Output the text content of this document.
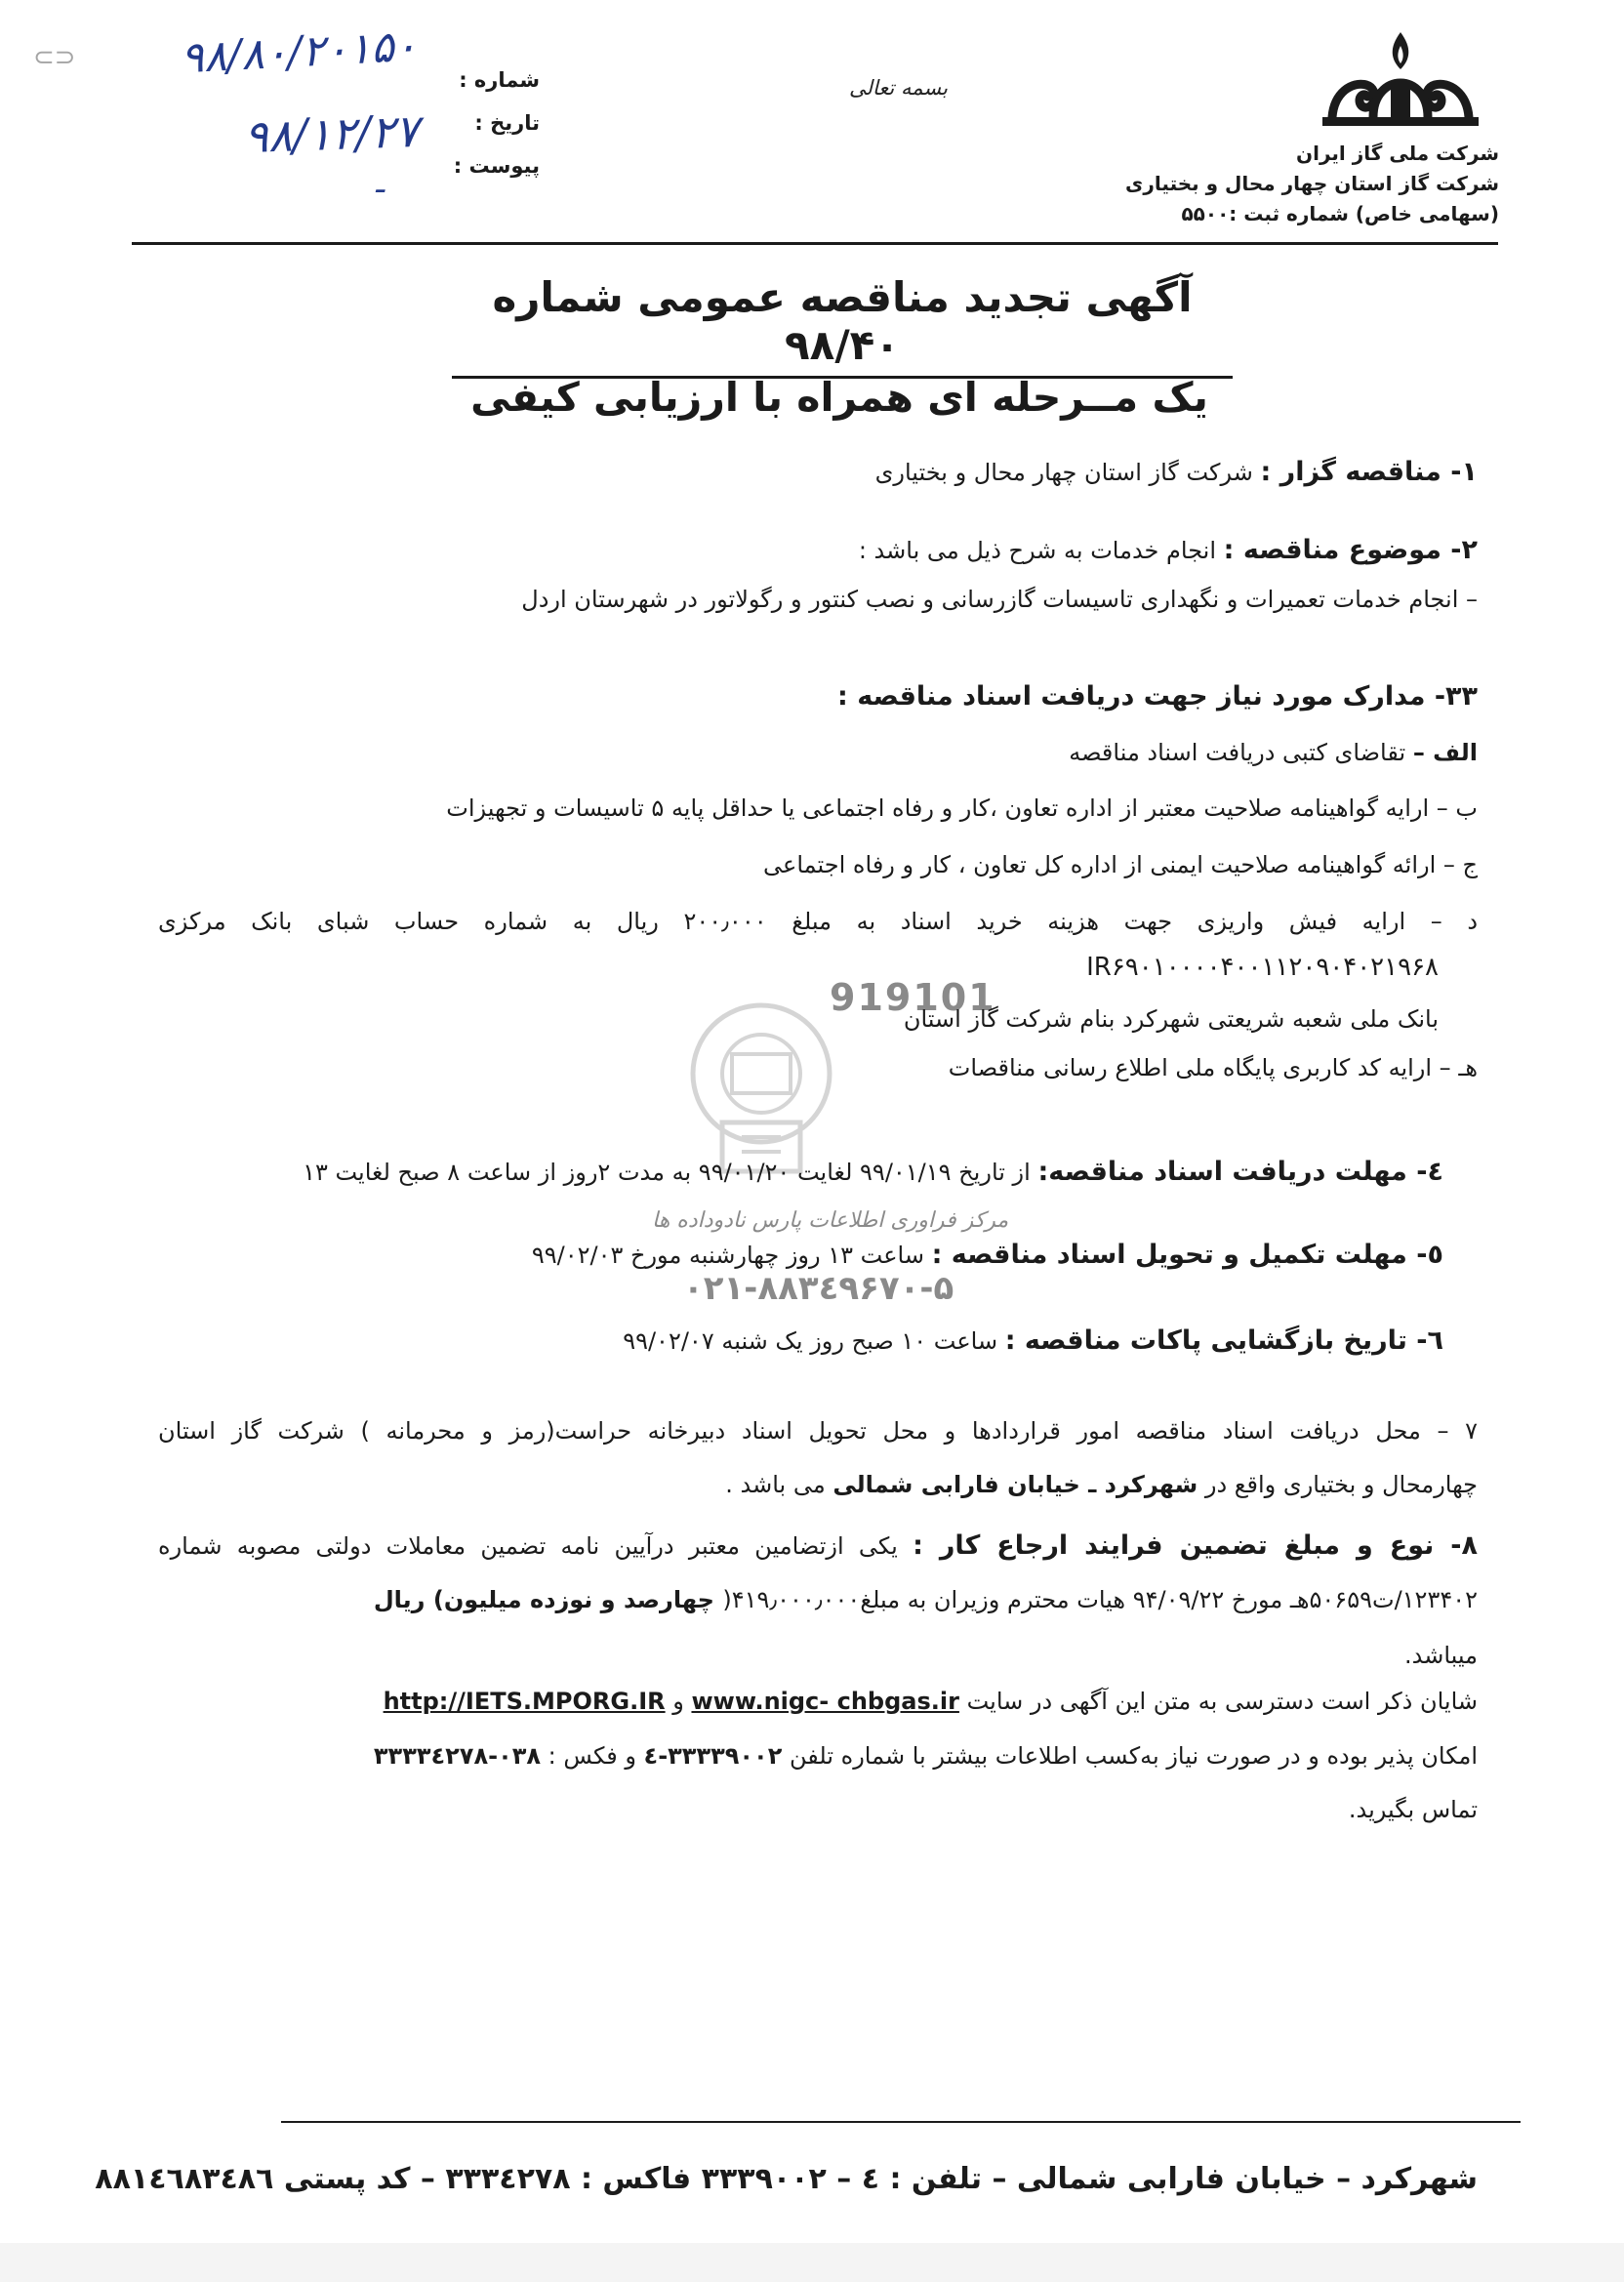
⊂⊃
شرکت ملی گاز ایران
شرکت گاز استان چهار محال و بختیاری
(سهامی خاص) شماره ثبت :۵۵۰۰
بسمه تعالی
شماره :
تاریخ :
پیوست :
۹۸/۸۰/۲۰۱۵۰
۹۸/۱۲/۲۷
ـ
آگهی تجدید مناقصه عمومی شماره ۹۸/۴۰
یک مــرحله ای همراه با ارزیابی کیفی
919101
مرکز فراوری اطلاعات پارس نادوداده ها
۰۲۱-۸۸۳٤۹۶۷۰-۵
۱- مناقصه گزار : شرکت گاز استان چهار محال و بختیاری
۲- موضوع مناقصه : انجام خدمات به شرح ذیل می باشد :
– انجام خدمات تعمیرات و نگهداری تاسیسات گازرسانی و نصب کنتور و رگولاتور در شهرستان اردل
۳۳- مدارک مورد نیاز جهت دریافت اسناد مناقصه :
الف – تقاضای کتبی دریافت اسناد مناقصه
ب – ارایه گواهینامه صلاحیت معتبر از اداره تعاون ،کار و رفاه اجتماعی یا حداقل پایه ۵ تاسیسات و تجهیزات
ج – ارائه گواهینامه صلاحیت ایمنی از اداره کل تعاون ، کار و رفاه اجتماعی
د – ارایه فیش واریزی جهت هزینه خرید اسناد به مبلغ ۲۰۰٫۰۰۰ ریال به شماره حساب شبای بانک مرکزی
IR۶۹۰۱۰۰۰۰۴۰۰۱۱۲۰۹۰۴۰۲۱۹۶۸
بانک ملی شعبه شریعتی شهرکرد بنام شرکت گاز استان
هـ – ارایه کد کاربری پایگاه ملی اطلاع رسانی مناقصات
٤- مهلت دریافت اسناد مناقصه: از تاریخ ۹۹/۰۱/۱۹ لغایت ۹۹/۰۱/۲۰ به مدت ۲روز از ساعت ۸ صبح لغایت ۱۳
٥- مهلت تکمیل و تحویل اسناد مناقصه : ساعت ۱۳ روز چهارشنبه مورخ ۹۹/۰۲/۰۳
٦- تاریخ بازگشایی پاکات مناقصه : ساعت ۱۰ صبح روز یک شنبه ۹۹/۰۲/۰۷
۷ – محل دریافت اسناد مناقصه امور قراردادها و محل تحویل اسناد دبیرخانه حراست(رمز و محرمانه ) شرکت گاز استان
چهارمحال و بختیاری واقع در شهرکرد ـ خیابان فارابی شمالی می باشد .
۸- نوع و مبلغ تضمین فرایند ارجاع کار : یکی ازتضامین معتبر درآیین نامه تضمین معاملات دولتی مصوبه شماره
۱۲۳۴۰۲/ت۵۰۶۵۹هـ مورخ ۹۴/۰۹/۲۲ هیات محترم وزیران به مبلغ۴۱۹٫۰۰۰٫۰۰۰( چهارصد و نوزده میلیون) ریال
میباشد.
شایان ذکر است دسترسی به متن این آگهی در سایت www.nigc- chbgas.ir و http://IETS.MPORG.IR
امکان پذیر بوده و در صورت نیاز به‌کسب اطلاعات بیشتر با شماره تلفن ۳۳۳۳۹۰۰۲-٤ و فکس : ۰۳۸-۳۳۳۳٤۲۷۸
تماس بگیرید.
شهرکرد – خیابان فارابی شمالی – تلفن : ٤ – ۳۳۳۹۰۰۲ فاکس : ۳۳۳٤۲۷۸ – کد پستی ۸۸۱٤٦۸۳٤۸٦
